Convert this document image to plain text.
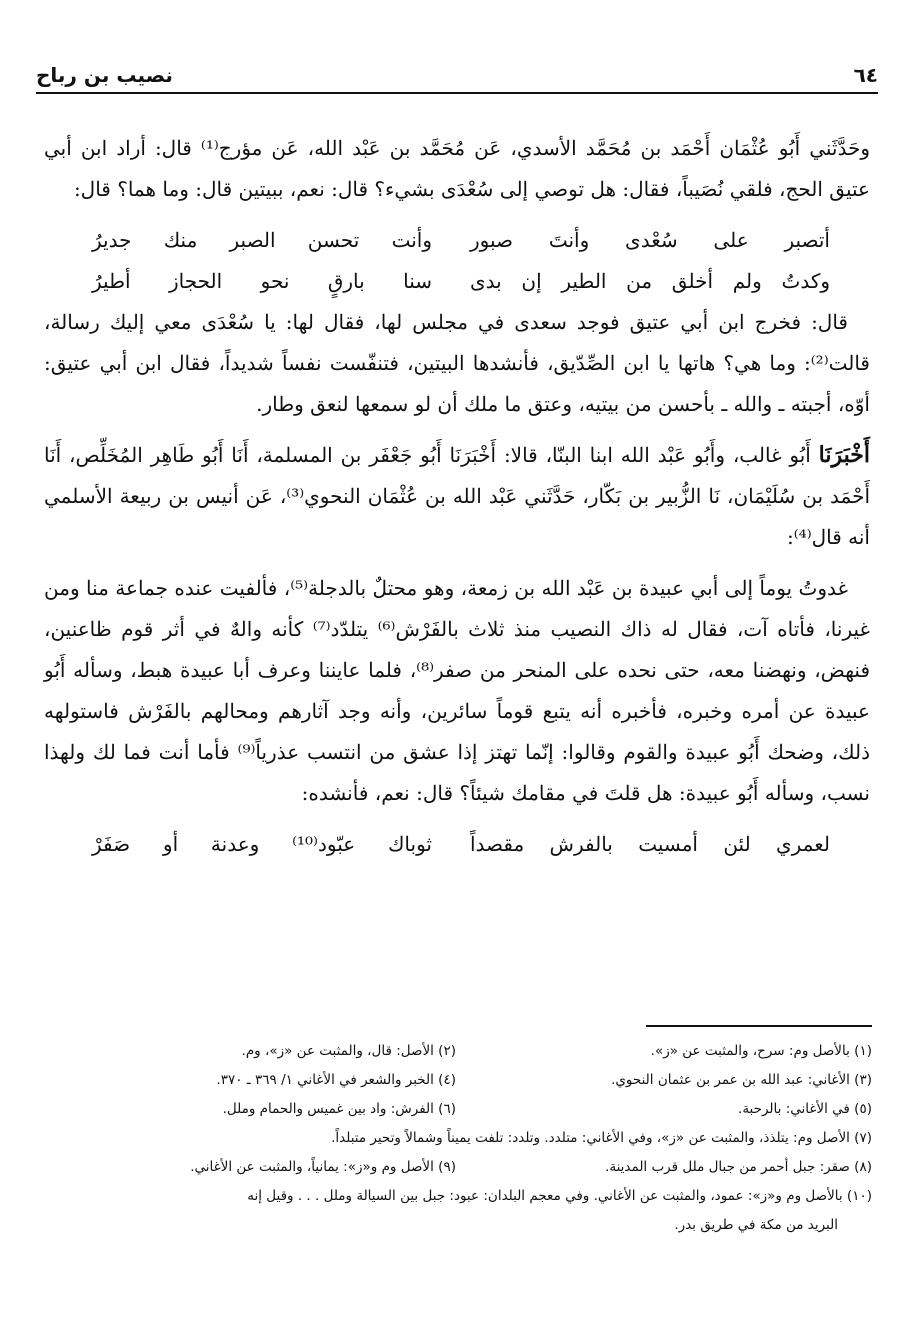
نصيب بن رباح	٦٤

وحَدَّثَني أَبُو عُثْمَان أَحْمَد بن مُحَمَّد الأسدي، عَن مُحَمَّد بن عَبْد الله، عَن مؤرج⁽¹⁾ قال: أراد ابن أبي عتيق الحج، فلقي نُصَيباً، فقال: هل توصي إلى سُعْدَى بشيء؟ قال: نعم، ببيتين قال: وما هما؟ قال:

أتصبر على سُعْدى وأنتَ صبور
وأنت تحسن الصبر منك جديرُ
وكدتُ ولم أخلق من الطير إن بدى
سنا بارقٍ نحو الحجاز أطيرُ

قال: فخرج ابن أبي عتيق فوجد سعدى في مجلس لها، فقال لها: يا سُعْدَى معي إليك رسالة، قالت⁽²⁾: وما هي؟ هاتها يا ابن الصِّدّيق، فأنشدها البيتين، فتنفّست نفساً شديداً، فقال ابن أبي عتيق: أوّه، أجبته ـ والله ـ بأحسن من بيتيه، وعتق ما ملك أن لو سمعها لنعق وطار.

أَخْبَرَنَا أَبُو غالب، وأَبُو عَبْد الله ابنا البنّا، قالا: أَخْبَرَنَا أَبُو جَعْفَر بن المسلمة، أَنَا أَبُو طَاهِر المُخَلِّص، أَنَا أَحْمَد بن سُلَيْمَان، نَا الزُّبير بن بَكّار، حَدَّثَني عَبْد الله بن عُثْمَان النحوي⁽³⁾، عَن أنيس بن ربيعة الأسلمي أنه قال⁽⁴⁾:

غدوتُ يوماً إلى أبي عبيدة بن عَبْد الله بن زمعة، وهو محتلٌ بالدجلة⁽⁵⁾، فألفيت عنده جماعة منا ومن غيرنا، فأتاه آت، فقال له ذاك النصيب منذ ثلاث بالفَرْش⁽⁶⁾ يتلدّد⁽⁷⁾ كأنه والهٌ في أثر قوم ظاعنين، فنهض، ونهضنا معه، حتى نحده على المنحر من صفر⁽⁸⁾، فلما عايننا وعرف أبا عبيدة هبط، وسأله أَبُو عبيدة عن أمره وخبره، فأخبره أنه يتبع قوماً سائرين، وأنه وجد آثارهم ومحالهم بالفَرْش فاستولهه ذلك، وضحك أَبُو عبيدة والقوم وقالوا: إنّما تهتز إذا عشق من انتسب عذرياً⁽⁹⁾ فأما أنت فما لك ولهذا نسب، وسأله أَبُو عبيدة: هل قلتَ في مقامك شيئاً؟ قال: نعم، فأنشده:

لعمري لئن أمسيت بالفرش مقصداً
ثوباك عبّود⁽¹⁰⁾ وعدنة أو صَفَرْ
(١) بالأصل وم: سرح، والمثبت عن «ز».
(٢) الأصل: قال، والمثبت عن «ز»، وم.
(٣) الأغاني: عبد الله بن عمر بن عثمان النحوي.
(٤) الخبر والشعر في الأغاني ١/ ٣٦٩ ـ ٣٧٠.
(٥) في الأغاني: بالرحبة.
(٦) الفرش: واد بين غميس والحمام وملل.
(٧) الأصل وم: يتلذذ، والمثبت عن «ز»، وفي الأغاني: متلدد. وتلدد: تلفت يميناً وشمالاً وتحير متبلداً.
(٨) صقر: جبل أحمر من جبال ملل قرب المدينة.
(٩) الأصل وم و«ز»: يمانياً، والمثبت عن الأغاني.
(١٠) بالأصل وم و«ز»: عمود، والمثبت عن الأغاني. وفي معجم البلدان: عبود: جبل بين السيالة وملل . . . وقيل إنه
البريد من مكة في طريق بدر.
